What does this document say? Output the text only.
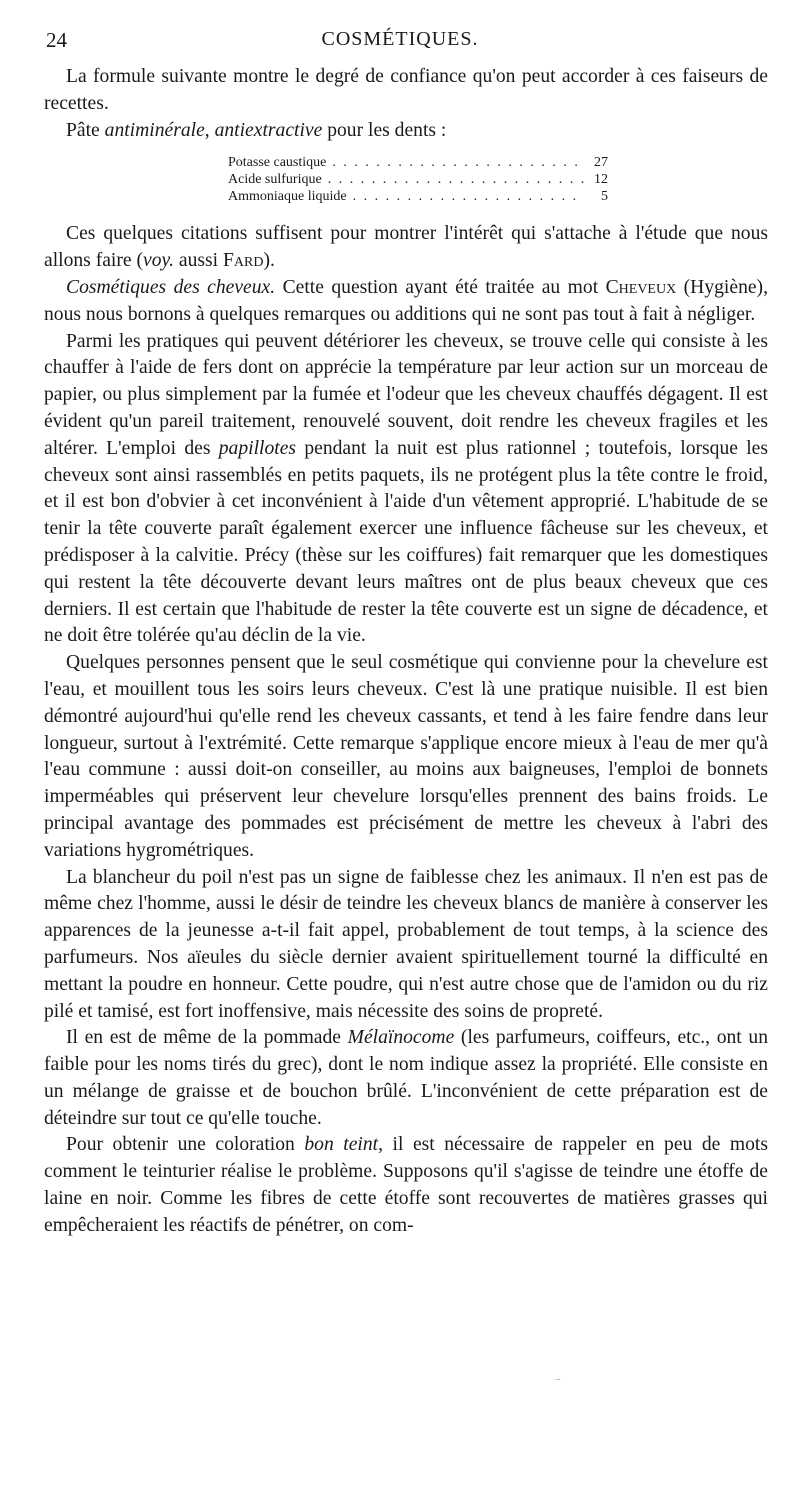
24	COSMÉTIQUES.

La formule suivante montre le degré de confiance qu'on peut accorder à ces faiseurs de recettes.

Pâte antiminérale, antiextractive pour les dents :

Potasse caustique . . .	27
Acide sulfurique . . .	12
Ammoniaque liquide . . .	5

Ces quelques citations suffisent pour montrer l'intérêt qui s'attache à l'étude que nous allons faire (voy. aussi Fard).

Cosmétiques des cheveux. Cette question ayant été traitée au mot Cheveux (Hygiène), nous nous bornons à quelques remarques ou additions qui ne sont pas tout à fait à négliger.

Parmi les pratiques qui peuvent détériorer les cheveux, se trouve celle qui consiste à les chauffer à l'aide de fers dont on apprécie la température par leur action sur un morceau de papier, ou plus simplement par la fumée et l'odeur que les cheveux chauffés dégagent. Il est évident qu'un pareil traitement, renouvelé souvent, doit rendre les cheveux fragiles et les altérer. L'emploi des papillotes pendant la nuit est plus rationnel ; toutefois, lorsque les cheveux sont ainsi rassemblés en petits paquets, ils ne protégent plus la tête contre le froid, et il est bon d'obvier à cet inconvénient à l'aide d'un vêtement approprié. L'habitude de se tenir la tête couverte paraît également exercer une influence fâcheuse sur les cheveux, et prédisposer à la calvitie. Précy (thèse sur les coiffures) fait remarquer que les domestiques qui restent la tête découverte devant leurs maîtres ont de plus beaux cheveux que ces derniers. Il est certain que l'habitude de rester la tête couverte est un signe de décadence, et ne doit être tolérée qu'au déclin de la vie.

Quelques personnes pensent que le seul cosmétique qui convienne pour la chevelure est l'eau, et mouillent tous les soirs leurs cheveux. C'est là une pratique nuisible. Il est bien démontré aujourd'hui qu'elle rend les cheveux cassants, et tend à les faire fendre dans leur longueur, surtout à l'extrémité. Cette remarque s'applique encore mieux à l'eau de mer qu'à l'eau commune : aussi doit-on conseiller, au moins aux baigneuses, l'emploi de bonnets imperméables qui préservent leur chevelure lorsqu'elles prennent des bains froids. Le principal avantage des pommades est précisément de mettre les cheveux à l'abri des variations hygrométriques.

La blancheur du poil n'est pas un signe de faiblesse chez les animaux. Il n'en est pas de même chez l'homme, aussi le désir de teindre les cheveux blancs de manière à conserver les apparences de la jeunesse a-t-il fait appel, probablement de tout temps, à la science des parfumeurs. Nos aïeules du siècle dernier avaient spirituellement tourné la difficulté en mettant la poudre en honneur. Cette poudre, qui n'est autre chose que de l'amidon ou du riz pilé et tamisé, est fort inoffensive, mais nécessite des soins de propreté.

Il en est de même de la pommade Mélaïnocome (les parfumeurs, coiffeurs, etc., ont un faible pour les noms tirés du grec), dont le nom indique assez la propriété. Elle consiste en un mélange de graisse et de bouchon brûlé. L'inconvénient de cette préparation est de déteindre sur tout ce qu'elle touche.

Pour obtenir une coloration bon teint, il est nécessaire de rappeler en peu de mots comment le teinturier réalise le problème. Supposons qu'il s'agisse de teindre une étoffe de laine en noir. Comme les fibres de cette étoffe sont recouvertes de matières grasses qui empêcheraient les réactifs de pénétrer, on com-

‾
